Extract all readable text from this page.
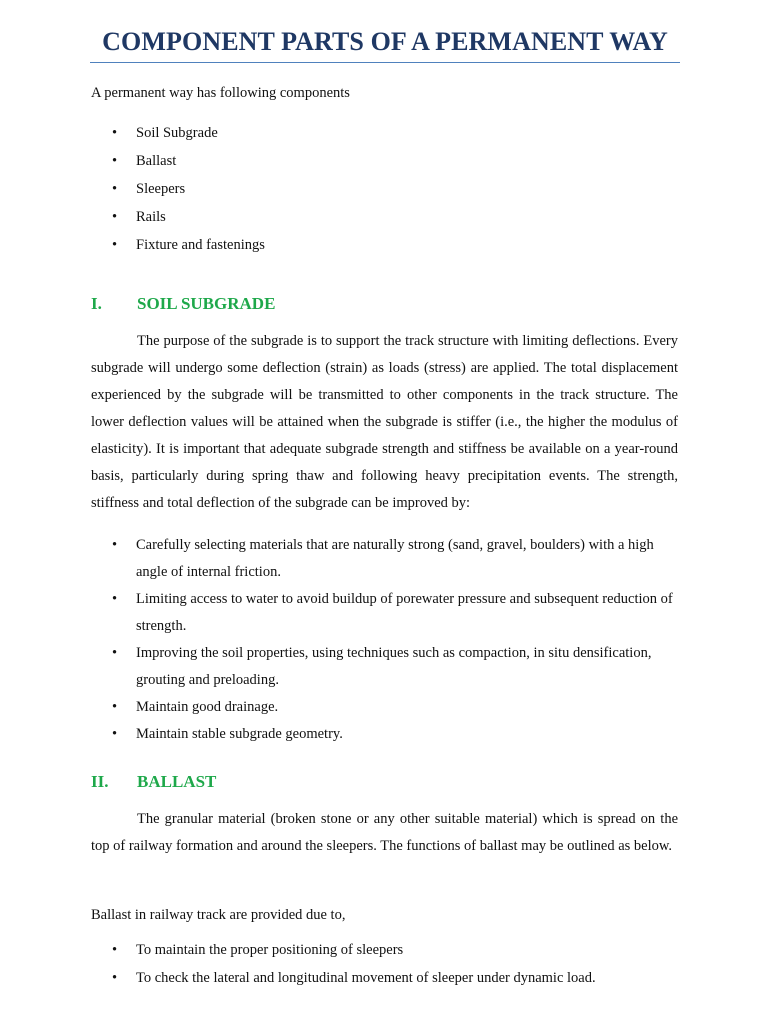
COMPONENT PARTS OF A PERMANENT WAY
A permanent way has following components
• Soil Subgrade
• Ballast
• Sleepers
• Rails
• Fixture and fastenings
I. SOIL SUBGRADE

The purpose of the subgrade is to support the track structure with limiting deflections. Every subgrade will undergo some deflection (strain) as loads (stress) are applied. The total displacement experienced by the subgrade will be transmitted to other components in the track structure. The lower deflection values will be attained when the subgrade is stiffer (i.e., the higher the modulus of elasticity). It is important that adequate subgrade strength and stiffness be available on a year-round basis, particularly during spring thaw and following heavy precipitation events. The strength, stiffness and total deflection of the subgrade can be improved by:

• Carefully selecting materials that are naturally strong (sand, gravel, boulders) with a high angle of internal friction.
• Limiting access to water to avoid buildup of porewater pressure and subsequent reduction of strength.
• Improving the soil properties, using techniques such as compaction, in situ densification, grouting and preloading.
• Maintain good drainage.
• Maintain stable subgrade geometry.
II. BALLAST

The granular material (broken stone or any other suitable material) which is spread on the top of railway formation and around the sleepers. The functions of ballast may be outlined as below.

Ballast in railway track are provided due to,
• To maintain the proper positioning of sleepers
• To check the lateral and longitudinal movement of sleeper under dynamic load.
